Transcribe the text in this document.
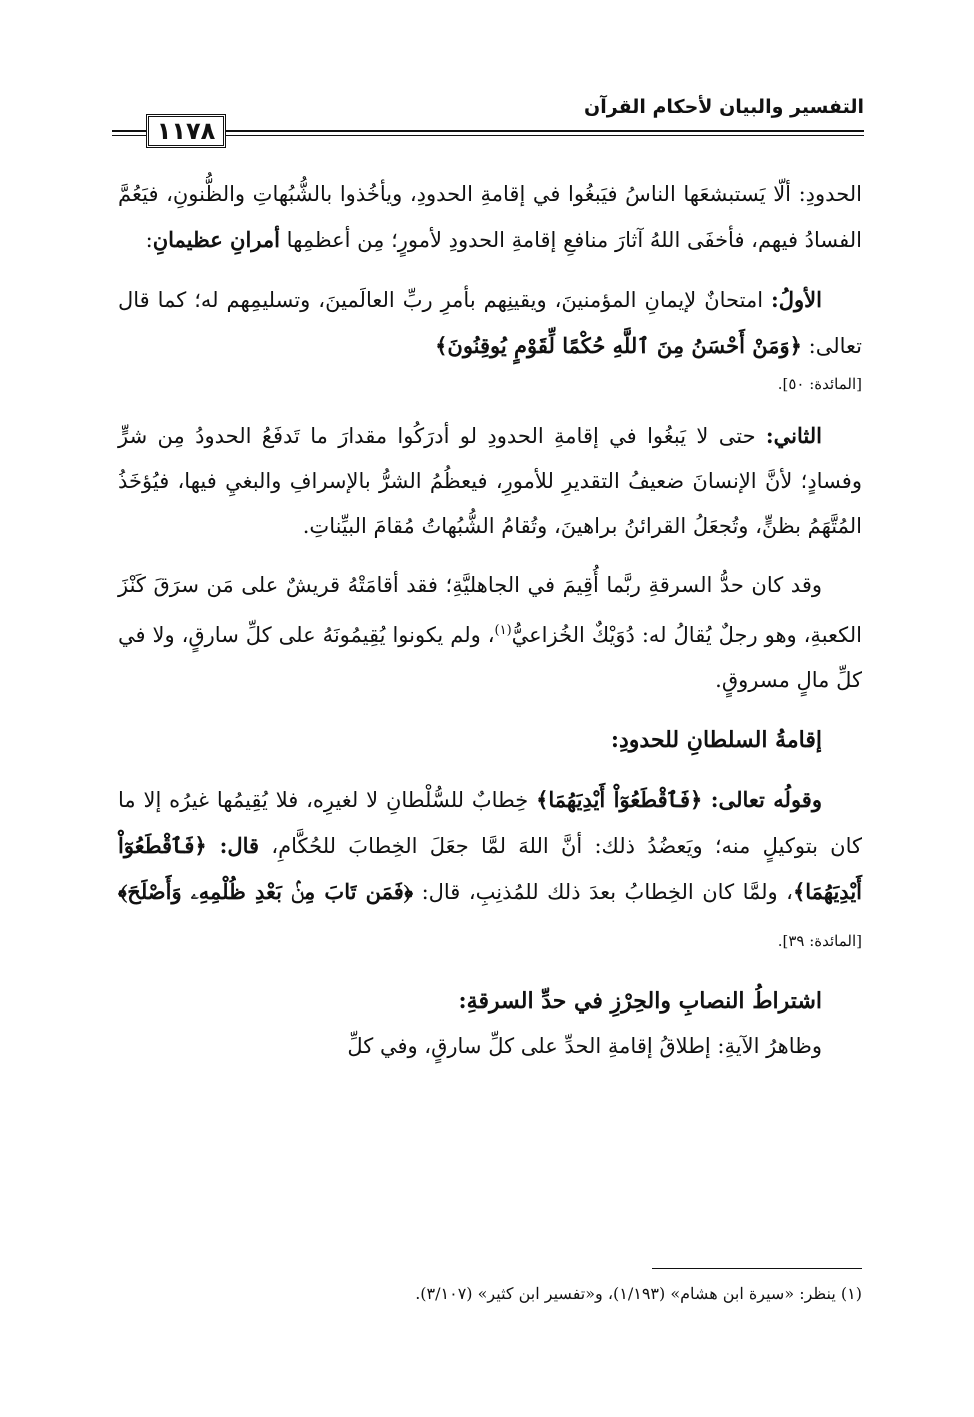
التفسير والبيان لأحكام القرآن
١١٧٨

الحدودِ: ألّا يَستبشعَها الناسُ فيَبغُوا في إقامةِ الحدودِ، ويأخُذوا بالشُّبُهاتِ والظُّنونِ، فيَعُمَّ الفسادُ فيهم، فأخفَى اللهُ آثارَ منافعِ إقامةِ الحدودِ لأمورٍ؛ مِن أعظمِها أمرانِ عظيمانِ:

الأولُ: امتحانٌ لإيمانِ المؤمنينَ، ويقينِهم بأمرِ ربِّ العالَمينَ، وتسليمِهم له؛ كما قال تعالى: ﴿وَمَنْ أَحْسَنُ مِنَ ٱللَّهِ حُكْمًا لِّقَوْمٍ يُوقِنُونَ﴾

[المائدة: ٥٠].

الثاني: حتى لا يَبغُوا في إقامةِ الحدودِ لو أدرَكُوا مقدارَ ما تَدفَعُ الحدودُ مِن شرٍّ وفسادٍ؛ لأنَّ الإنسانَ ضعيفُ التقديرِ للأمورِ، فيعظُمُ الشرُّ بالإسرافِ والبغيِ فيها، فيُؤخَذُ المُتَّهَمُ بظنٍّ، وتُجعَلُ القرائنُ براهينَ، وتُقامُ الشُّبُهاتُ مُقامَ البيِّناتِ.

وقد كان حدُّ السرقةِ ربَّما أُقِيمَ في الجاهليَّةِ؛ فقد أقامَتْهُ قريشٌ على مَن سرَقَ كَنْزَ الكعبةِ، وهو رجلٌ يُقالُ له: دُوَيْكٌ الخُزاعيُّ$^{(١)}$، ولم يكونوا يُقِيمُونَهُ على كلِّ سارقٍ، ولا في كلِّ مالٍ مسروقٍ.

إقامةُ السلطانِ للحدودِ:

وقولُه تعالى: ﴿فَٱقْطَعُوٓاْ أَيْدِيَهُمَا﴾ خِطابٌ للسُّلْطانِ لا لغيرِه، فلا يُقِيمُها غيرُه إلا ما كان بتوكيلٍ منه؛ ويَعضُدُ ذلك: أنَّ اللهَ لمَّا جعَلَ الخِطابَ للحُكَّامِ، قال: ﴿فَٱقْطَعُوٓاْ أَيْدِيَهُمَا﴾، ولمَّا كان الخِطابُ بعدَ ذلك للمُذنِبِ، قال: ﴿فَمَن تَابَ مِنۢ بَعْدِ ظُلْمِهِۦ وَأَصْلَحَ﴾ [المائدة: ٣٩].

اشتراطُ النصابِ والحِرْزِ في حدِّ السرقةِ:

وظاهرُ الآيةِ: إطلاقُ إقامةِ الحدِّ على كلِّ سارقٍ، وفي كلِّ

(١) ينظر: «سيرة ابن هشام» (١/١٩٣)، و«تفسير ابن كثير» (٣/١٠٧).
